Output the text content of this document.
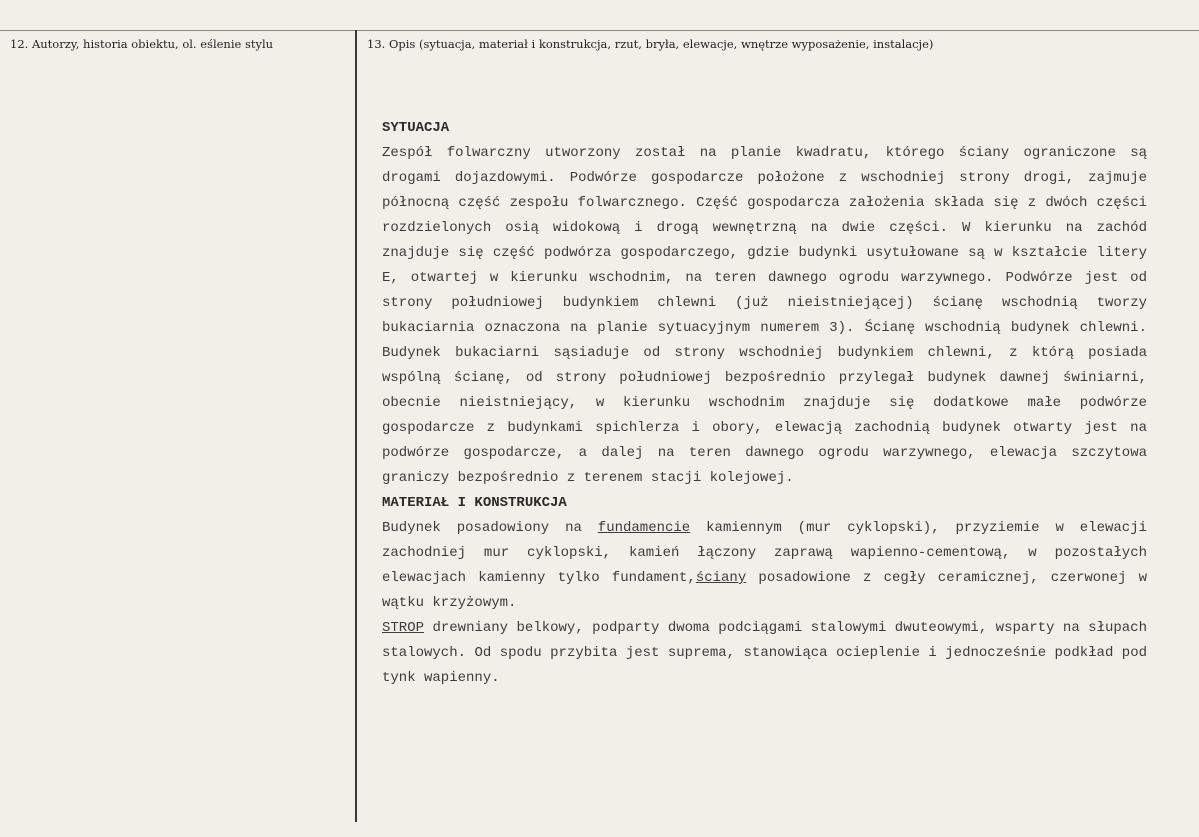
12. Autorzy, historia obiektu, ol. eślenie stylu	13. Opis (sytuacja, materiał i konstrukcja, rzut, bryła, elewacje, wnętrze wyposażenie, instalacje)
SYTUACJA
Zespół folwarczny utworzony został na planie kwadratu, którego ściany ograniczone są drogami dojazdowymi. Podwórze gospodarcze położone z wschodniej strony drogi, zajmuje północną część zespołu folwarcznego. Część gospodarcza założenia składa się z dwóch części rozdzielonych osią widokową i drogą wewnętrzną na dwie części. W kierunku na zachód znajduje się część podwórza gospodarczego, gdzie budynki usytułowane są w kształcie litery E, otwartej w kierunku wschodnim, na teren dawnego ogrodu warzywnego. Podwórze jest od strony południowej budynkiem chlewni (już nieistniejącej) ścianę wschodnią tworzy bukaciarnia oznaczona na planie sytuacyjnym numerem 3). Ścianę wschodnią budynek chlewni. Budynek bukaciarni sąsiaduje od strony wschodniej budynkiem chlewni, z którą posiada wspólną ścianę, od strony południowej bezpośrednio przylegał budynek dawnej świniarni, obecnie nieistniejący, w kierunku wschodnim znajduje się dodatkowe małe podwórze gospodarcze z budynkami spichlerza i obory, elewacją zachodnią budynek otwarty jest na podwórze gospodarcze, a dalej na teren dawnego ogrodu warzywnego, elewacja szczytowa graniczy bezpośrednio z terenem stacji kolejowej.
MATERIAŁ I KONSTRUKCJA
Budynek posadowiony na fundamencie kamiennym (mur cyklopski), przyziemie w elewacji zachodniej mur cyklopski, kamień łączony zaprawą wapienno-cementową, w pozostałych elewacjach kamienny tylko fundament,ściany posadowione z cegły ceramicznej, czerwonej w wątku krzyżowym.
STROP drewniany belkowy, podparty dwoma podciągami stalowymi dwuteowymi, wsparty na słupach stalowych. Od spodu przybita jest suprema, stanowiąca ocieplenie i jednocześnie podkład pod tynk wapienny.
